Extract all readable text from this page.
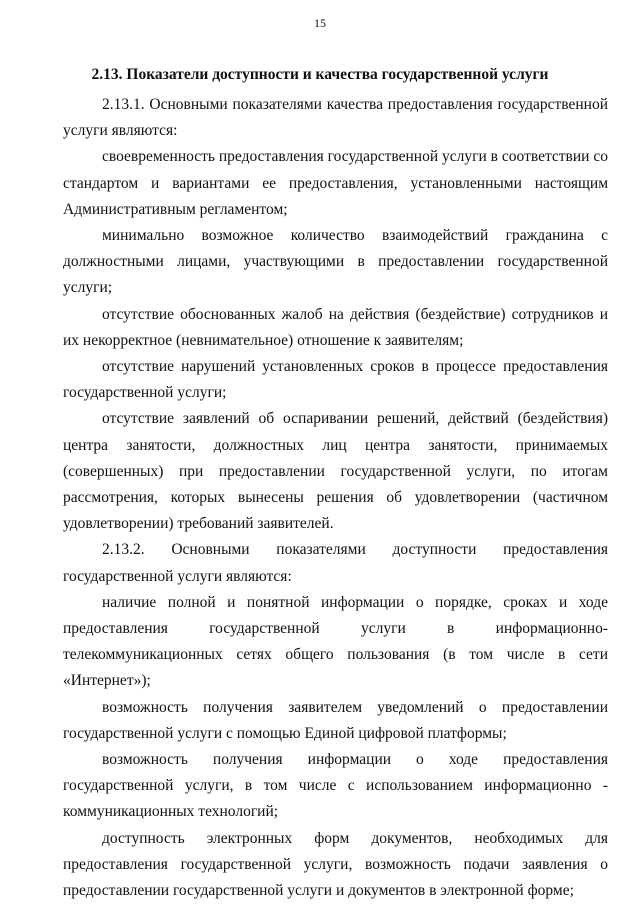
15
2.13. Показатели доступности и качества государственной услуги

2.13.1. Основными показателями качества предоставления государственной услуги являются:

своевременность предоставления государственной услуги в соответствии со стандартом и вариантами ее предоставления, установленными настоящим Административным регламентом;

минимально возможное количество взаимодействий гражданина с должностными лицами, участвующими в предоставлении государственной услуги;

отсутствие обоснованных жалоб на действия (бездействие) сотрудников и их некорректное (невнимательное) отношение к заявителям;

отсутствие нарушений установленных сроков в процессе предоставления государственной услуги;

отсутствие заявлений об оспаривании решений, действий (бездействия) центра занятости, должностных лиц центра занятости, принимаемых (совершенных) при предоставлении государственной услуги, по итогам рассмотрения, которых вынесены решения об удовлетворении (частичном удовлетворении) требований заявителей.

2.13.2. Основными показателями доступности предоставления государственной услуги являются:

наличие полной и понятной информации о порядке, сроках и ходе предоставления государственной услуги в информационно-телекоммуникационных сетях общего пользования (в том числе в сети «Интернет»);

возможность получения заявителем уведомлений о предоставлении государственной услуги с помощью Единой цифровой платформы;

возможность получения информации о ходе предоставления государственной услуги, в том числе с использованием информационно - коммуникационных технологий;

доступность электронных форм документов, необходимых для предоставления государственной услуги, возможность подачи заявления о предоставлении государственной услуги и документов в электронной форме;
